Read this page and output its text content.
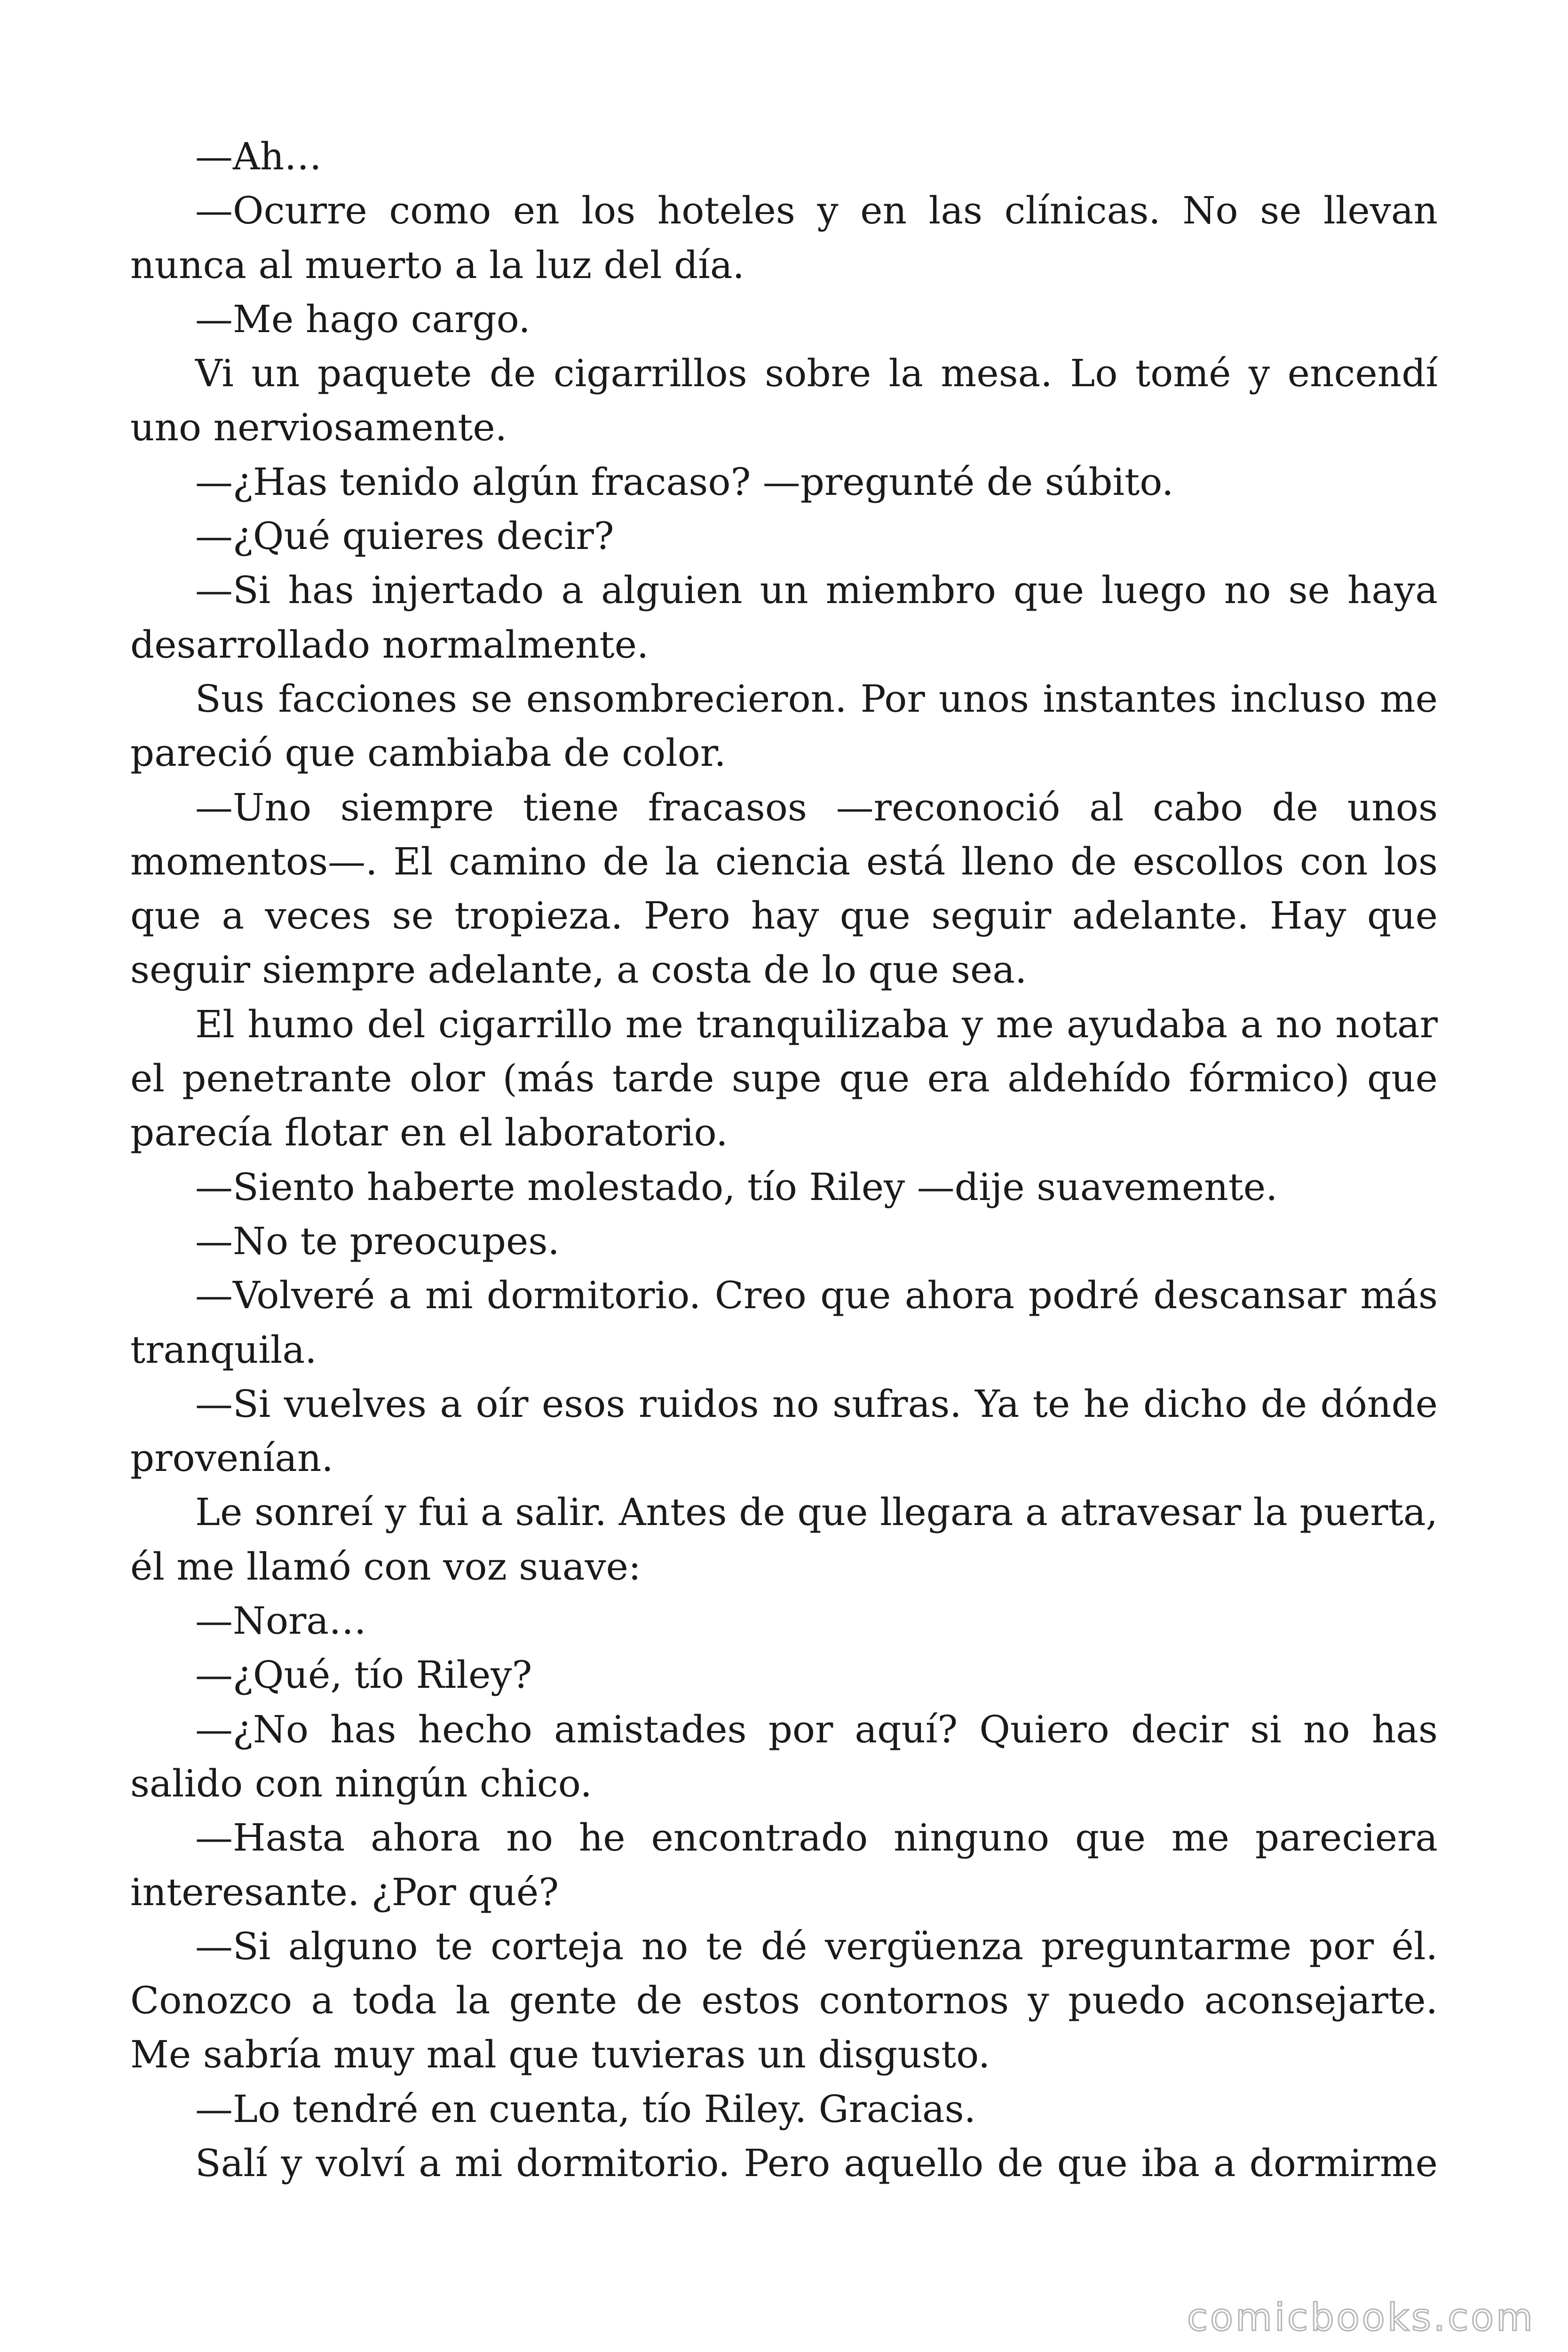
—Ah…

—Ocurre como en los hoteles y en las clínicas. No se llevan nunca al muerto a la luz del día.

—Me hago cargo.

Vi un paquete de cigarrillos sobre la mesa. Lo tomé y encendí uno nerviosamente.

—¿Has tenido algún fracaso? —pregunté de súbito.

—¿Qué quieres decir?

—Si has injertado a alguien un miembro que luego no se haya desarrollado normalmente.

Sus facciones se ensombrecieron. Por unos instantes incluso me pareció que cambiaba de color.

—Uno siempre tiene fracasos —reconoció al cabo de unos momentos—. El camino de la ciencia está lleno de escollos con los que a veces se tropieza. Pero hay que seguir adelante. Hay que seguir siempre adelante, a costa de lo que sea.

El humo del cigarrillo me tranquilizaba y me ayudaba a no notar el penetrante olor (más tarde supe que era aldehído fórmico) que parecía flotar en el laboratorio.

—Siento haberte molestado, tío Riley —dije suavemente.

—No te preocupes.

—Volveré a mi dormitorio. Creo que ahora podré descansar más tranquila.

—Si vuelves a oír esos ruidos no sufras. Ya te he dicho de dónde provenían.

Le sonreí y fui a salir. Antes de que llegara a atravesar la puerta, él me llamó con voz suave:

—Nora…

—¿Qué, tío Riley?

—¿No has hecho amistades por aquí? Quiero decir si no has salido con ningún chico.

—Hasta ahora no he encontrado ninguno que me pareciera interesante. ¿Por qué?

—Si alguno te corteja no te dé vergüenza preguntarme por él. Conozco a toda la gente de estos contornos y puedo aconsejarte. Me sabría muy mal que tuvieras un disgusto.

—Lo tendré en cuenta, tío Riley. Gracias.

Salí y volví a mi dormitorio. Pero aquello de que iba a dormirme

comicbooks.com
